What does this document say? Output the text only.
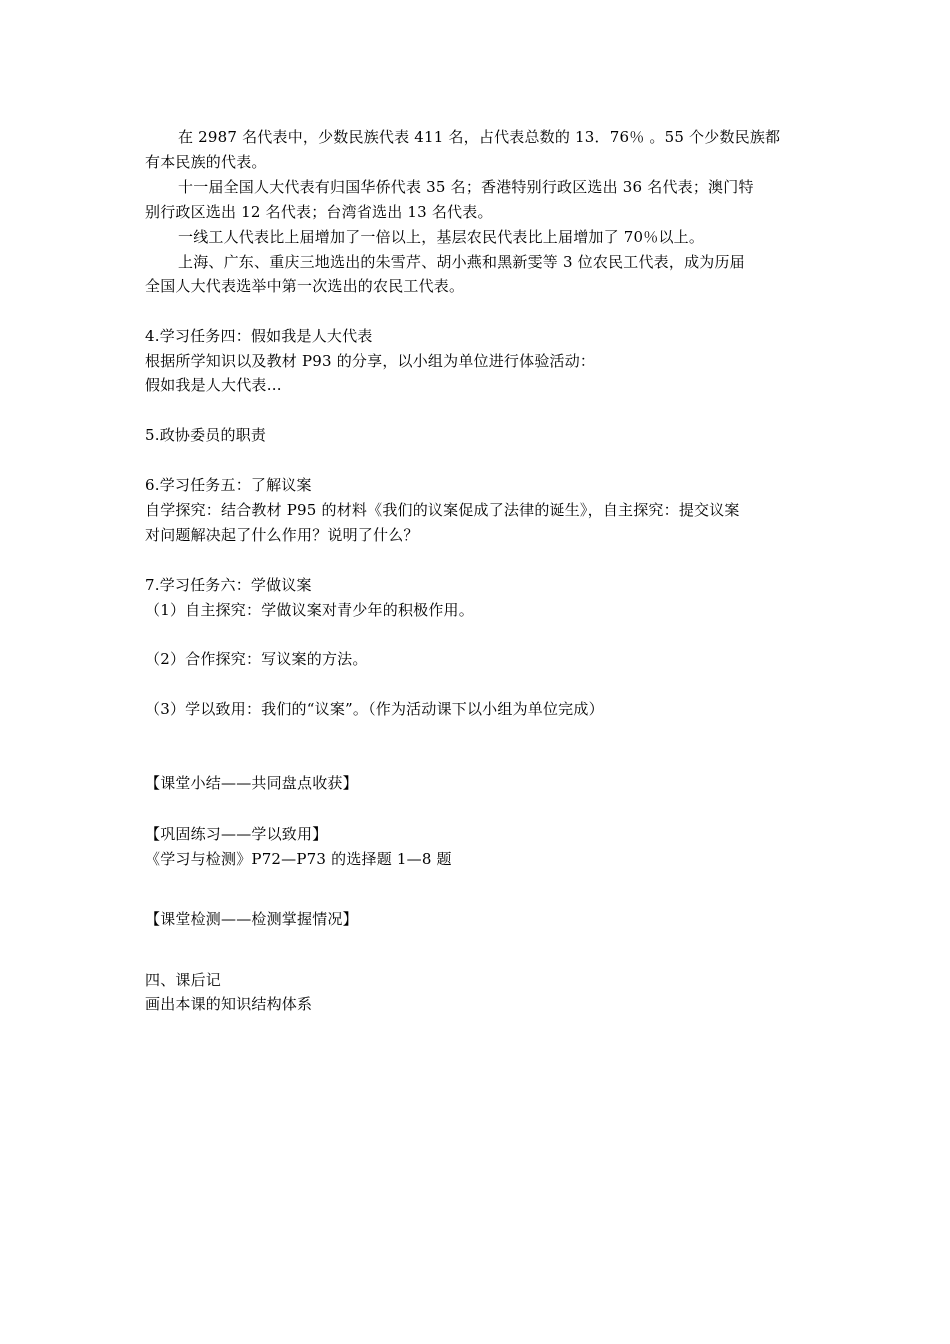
在 2987 名代表中，少数民族代表 411 名，占代表总数的 13．76％ 。55 个少数民族都
有本民族的代表。
十一届全国人大代表有归国华侨代表 35 名；香港特别行政区选出 36 名代表；澳门特
别行政区选出 12 名代表；台湾省选出 13 名代表。
一线工人代表比上届增加了一倍以上，基层农民代表比上届增加了 70％以上。
上海、广东、重庆三地选出的朱雪芹、胡小燕和黑新雯等 3 位农民工代表，成为历届
全国人大代表选举中第一次选出的农民工代表。
4.学习任务四：假如我是人大代表
根据所学知识以及教材 P93 的分享，以小组为单位进行体验活动：
假如我是人大代表…
5.政协委员的职责
6.学习任务五：了解议案
自学探究：结合教材 P95 的材料《我们的议案促成了法律的诞生》，自主探究：提交议案
对问题解决起了什么作用？说明了什么？
7.学习任务六：学做议案
（1）自主探究：学做议案对青少年的积极作用。
（2）合作探究：写议案的方法。
（3）学以致用：我们的“议案”。（作为活动课下以小组为单位完成）
【课堂小结——共同盘点收获】
【巩固练习——学以致用】
《学习与检测》P72—P73 的选择题 1—8 题
【课堂检测——检测掌握情况】
四、课后记
画出本课的知识结构体系
